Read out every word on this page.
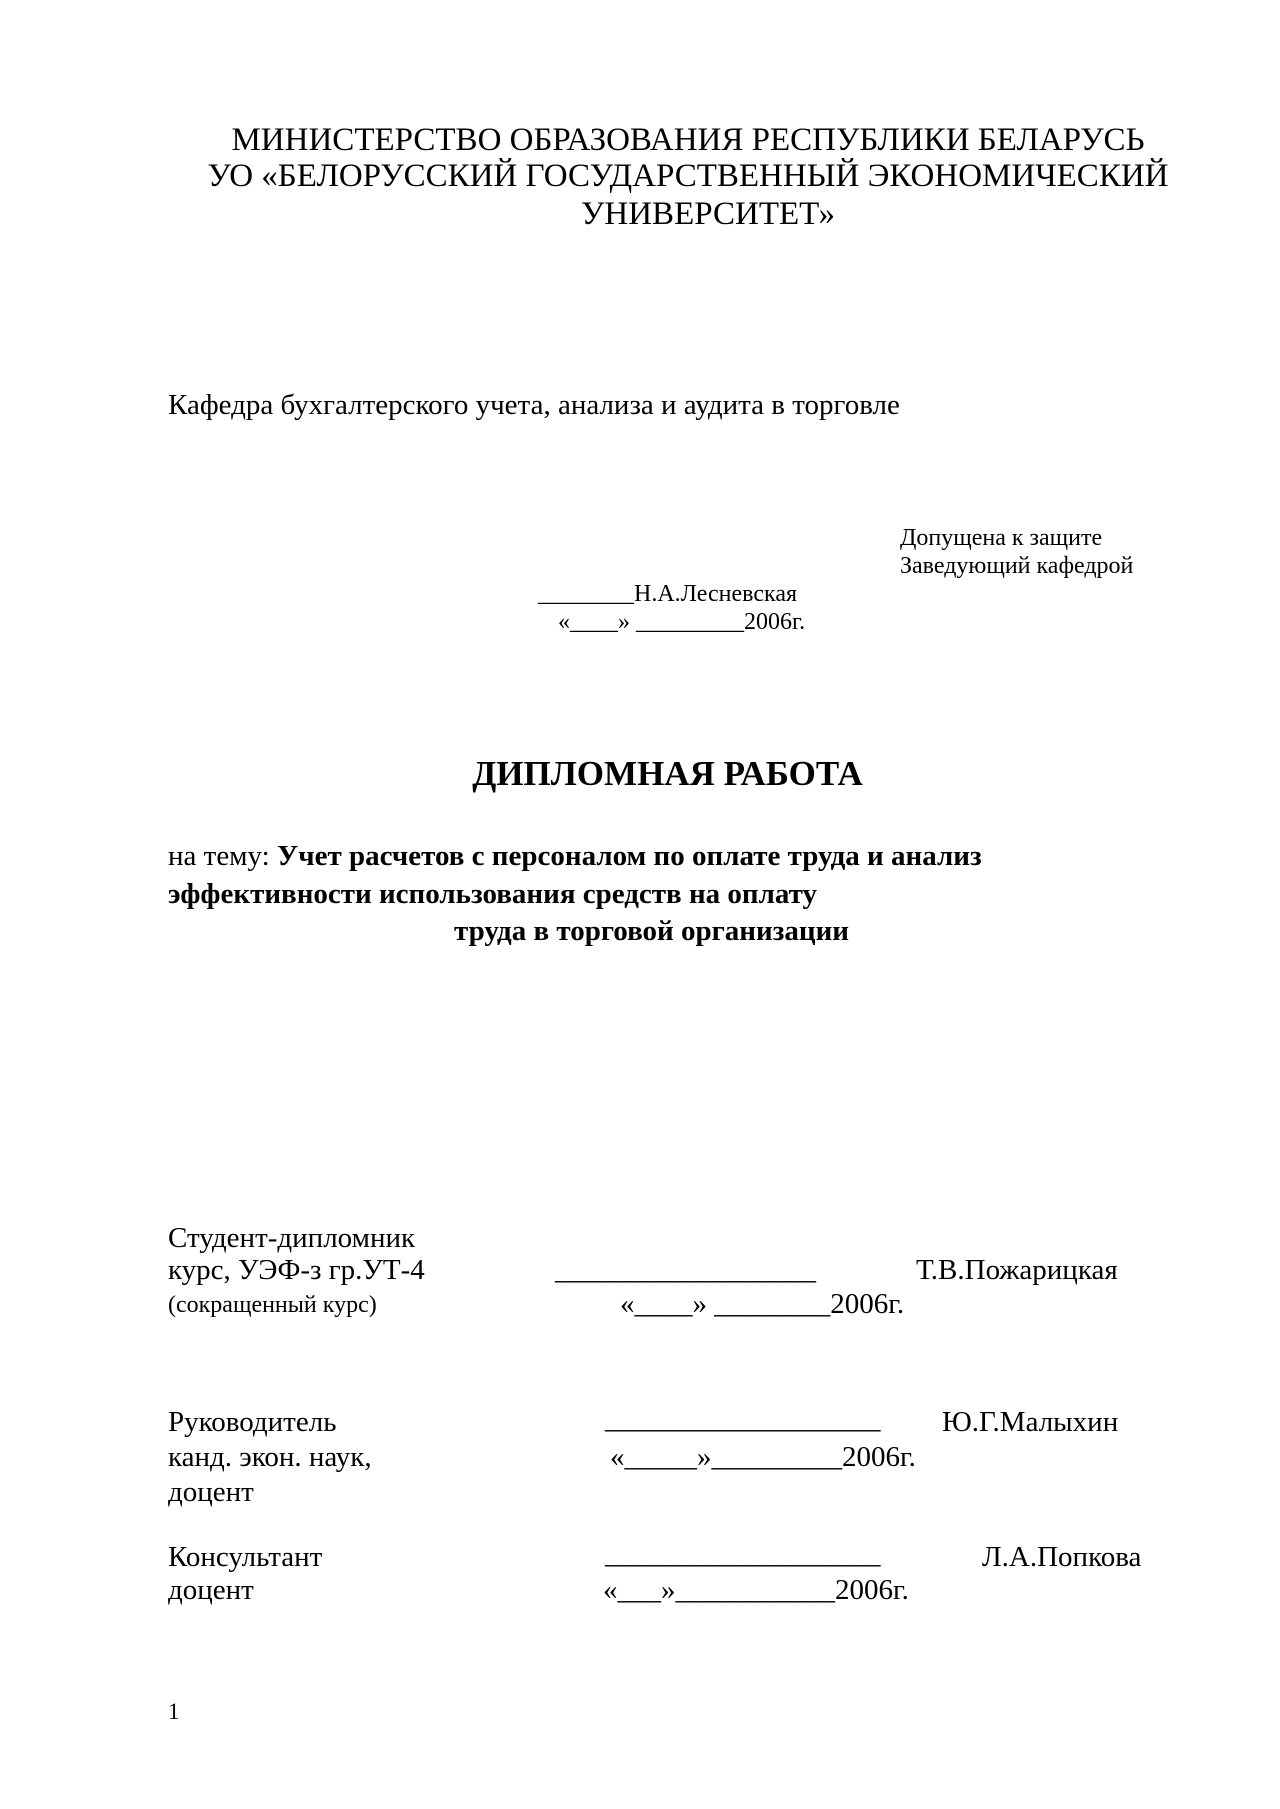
МИНИСТЕРСТВО ОБРАЗОВАНИЯ РЕСПУБЛИКИ БЕЛАРУСЬ
УО «БЕЛОРУССКИЙ ГОСУДАРСТВЕННЫЙ ЭКОНОМИЧЕСКИЙ
УНИВЕРСИТЕТ»
Кафедра бухгалтерского учета, анализа и аудита в торговле
Допущена к защите
Заведующий кафедрой
________Н.А.Лесневская
«____» _________2006г.
ДИПЛОМНАЯ РАБОТА
на тему: Учет расчетов с персоналом по оплате труда и анализ
эффективности использования средств на оплату
труда в торговой организации
Студент-дипломник
курс, УЭФ-з гр.УТ-4
(сокращенный курс)
__________________	Т.В.Пожарицкая
«____» ________2006г.
Руководитель
канд. экон. наук,
доцент
___________________ Ю.Г.Малыхин
«_____»_________2006г.
Консультант
доцент
___________________	Л.А.Попкова
«___»___________2006г.
1
